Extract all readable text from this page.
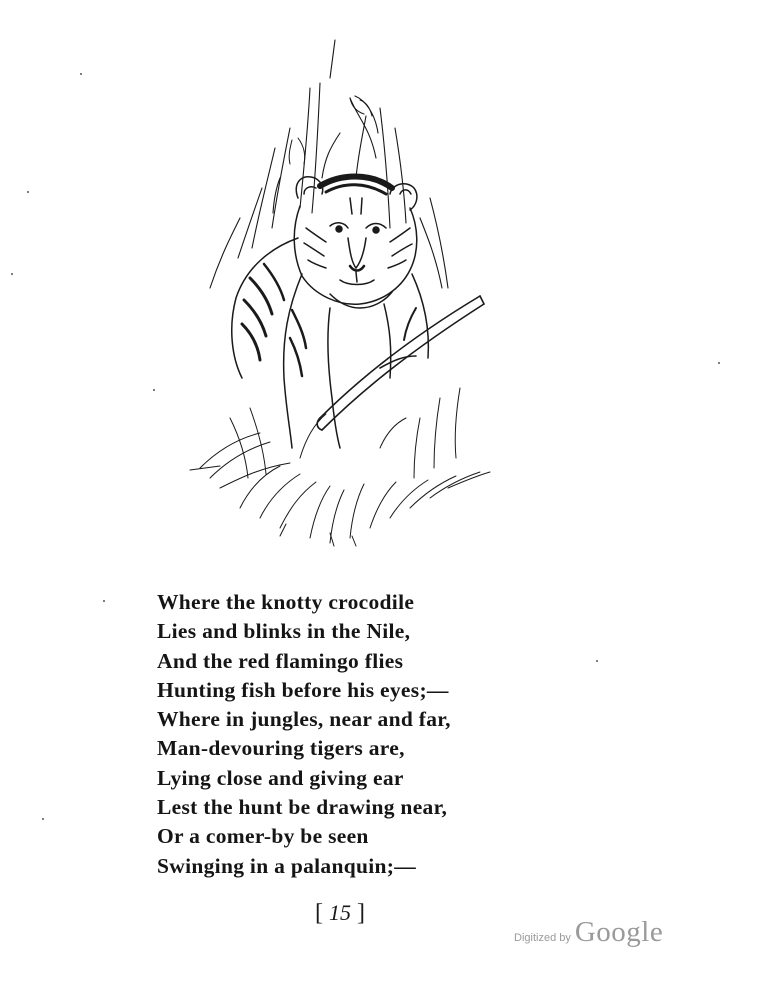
Where the knotty crocodile
Lies and blinks in the Nile,
And the red flamingo flies
Hunting fish before his eyes;—
Where in jungles, near and far,
Man-devouring tigers are,
Lying close and giving ear
Lest the hunt be drawing near,
Or a comer-by be seen
Swinging in a palanquin;—
[ 15 ]
Digitized by Google
